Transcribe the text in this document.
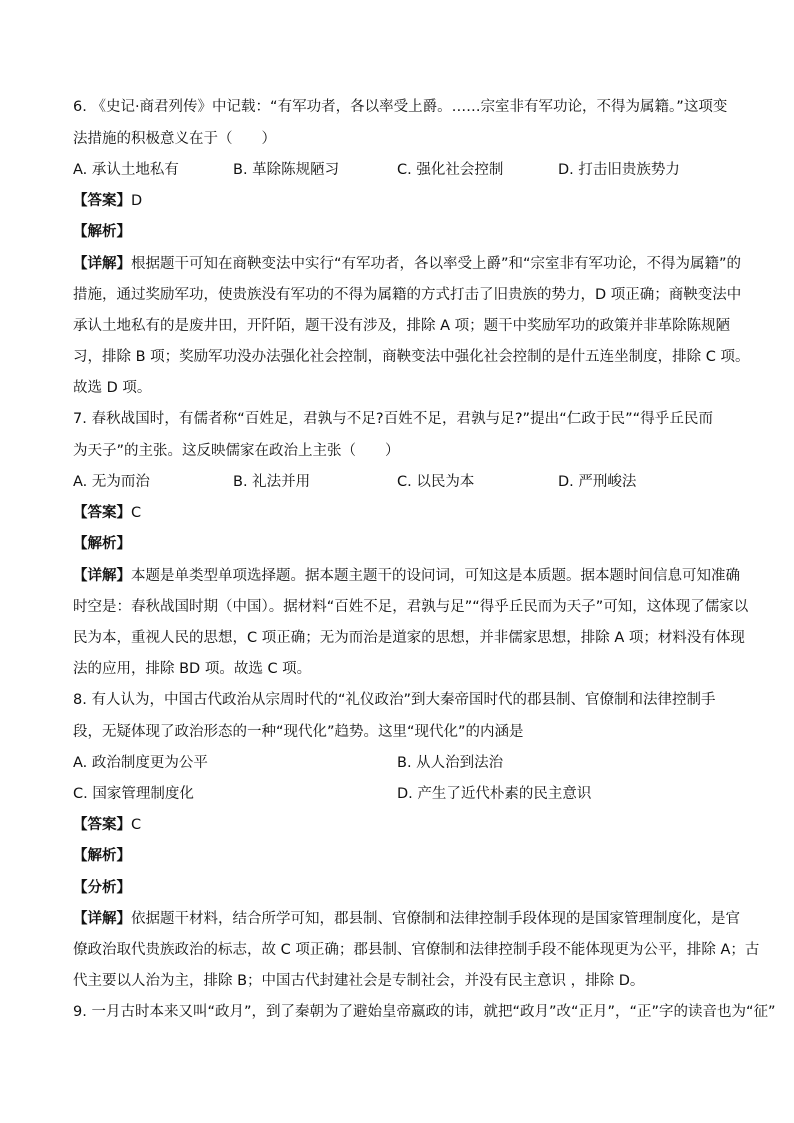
6. 《史记·商君列传》中记载：“有军功者，各以率受上爵。……宗室非有军功论，不得为属籍。”这项变
法措施的积极意义在于（　　）
A. 承认土地私有	B. 革除陈规陋习	C. 强化社会控制	D. 打击旧贵族势力
【答案】D
【解析】
【详解】根据题干可知在商鞅变法中实行“有军功者，各以率受上爵”和“宗室非有军功论，不得为属籍”的
措施，通过奖励军功，使贵族没有军功的不得为属籍的方式打击了旧贵族的势力，D 项正确；商鞅变法中
承认土地私有的是废井田，开阡陌，题干没有涉及，排除 A 项；题干中奖励军功的政策并非革除陈规陋
习，排除 B 项；奖励军功没办法强化社会控制，商鞅变法中强化社会控制的是什五连坐制度，排除 C 项。
故选 D 项。
7. 春秋战国时，有儒者称“百姓足，君孰与不足?百姓不足，君孰与足?”提出“仁政于民”“得乎丘民而
为天子”的主张。这反映儒家在政治上主张（　　）
A. 无为而治	B. 礼法并用	C. 以民为本	D. 严刑峻法
【答案】C
【解析】
【详解】本题是单类型单项选择题。据本题主题干的设问词，可知这是本质题。据本题时间信息可知准确
时空是：春秋战国时期（中国）。据材料“百姓不足，君孰与足”“得乎丘民而为天子”可知，这体现了儒家以
民为本，重视人民的思想，C 项正确；无为而治是道家的思想，并非儒家思想，排除 A 项；材料没有体现
法的应用，排除 BD 项。故选 C 项。
8. 有人认为，中国古代政治从宗周时代的“礼仪政治”到大秦帝国时代的郡县制、官僚制和法律控制手
段，无疑体现了政治形态的一种“现代化”趋势。这里“现代化”的内涵是
A. 政治制度更为公平	B. 从人治到法治
C. 国家管理制度化	D. 产生了近代朴素的民主意识
【答案】C
【解析】
【分析】
【详解】依据题干材料，结合所学可知，郡县制、官僚制和法律控制手段体现的是国家管理制度化，是官
僚政治取代贵族政治的标志，故 C 项正确；郡县制、官僚制和法律控制手段不能体现更为公平，排除 A；古
代主要以人治为主，排除 B；中国古代封建社会是专制社会，并没有民主意识 ，排除 D。
9. 一月古时本来又叫“政月”，到了秦朝为了避始皇帝嬴政的讳，就把“政月”改“正月”，“正”字的读音也为“征”
